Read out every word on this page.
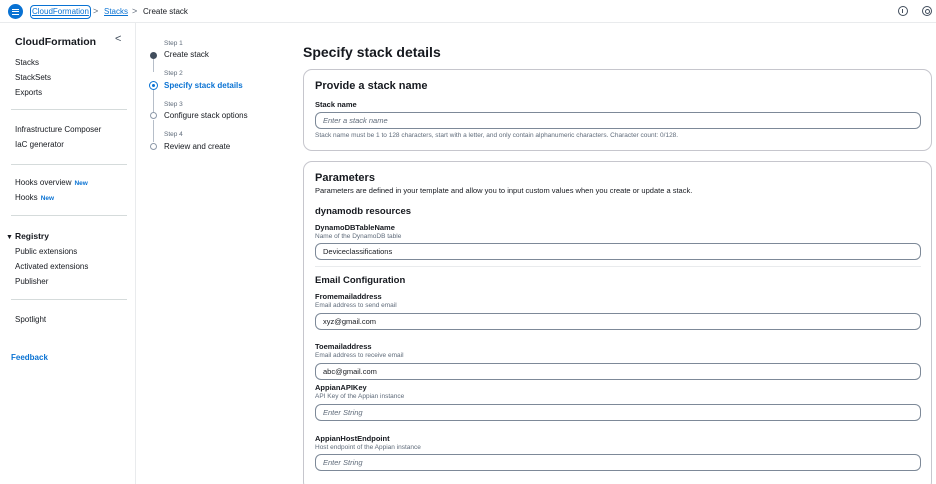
CloudFormation > Stacks > Create stack
CloudFormation <
Stacks
StackSets
Exports
Infrastructure Composer
IaC generator
Hooks overview New
Hooks New
▼ Registry
Public extensions
Activated extensions
Publisher
Spotlight
Feedback
Step 1
Create stack
Step 2
Specify stack details
Step 3
Configure stack options
Step 4
Review and create
Specify stack details
Provide a stack name
Stack name
Enter a stack name
Stack name must be 1 to 128 characters, start with a letter, and only contain alphanumeric characters. Character count: 0/128.
Parameters
Parameters are defined in your template and allow you to input custom values when you create or update a stack.
dynamodb resources
DynamoDBTableName
Name of the DynamoDB table
Deviceclassifications
Email Configuration
Fromemailaddress
Email address to send email
xyz@gmail.com
Toemailaddress
Email address to receive email
abc@gmail.com
AppianAPIKey
API Key of the Appian instance
Enter String
AppianHostEndpoint
Host endpoint of the Appian instance
Enter String
